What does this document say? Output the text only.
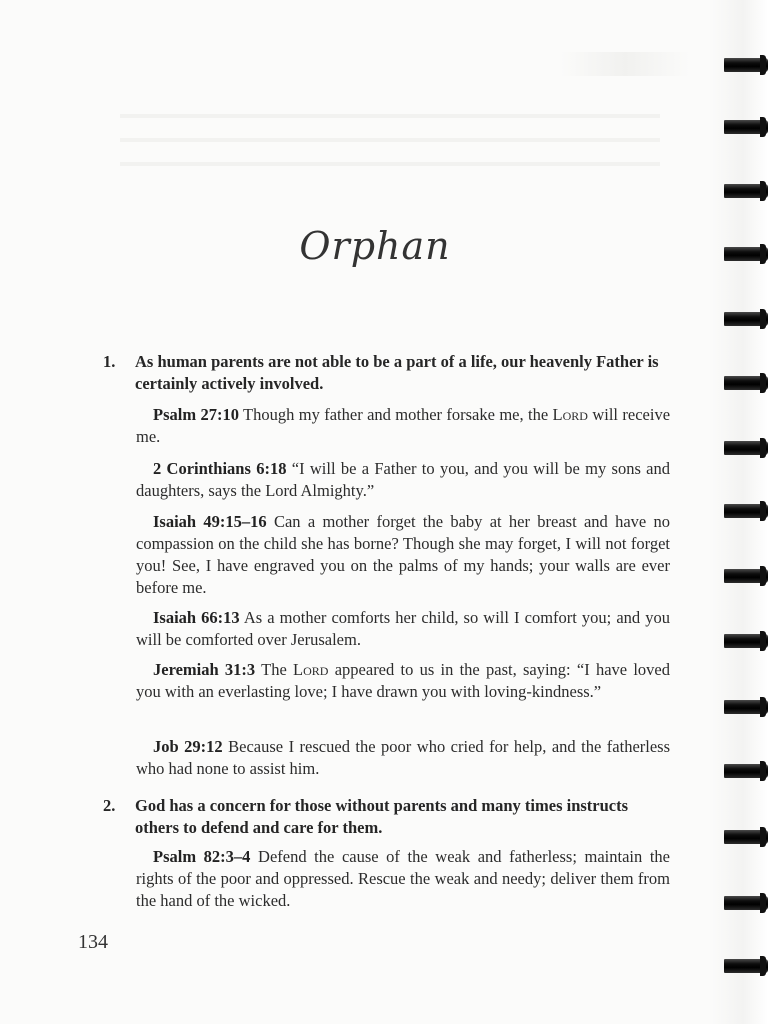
Orphan
1. As human parents are not able to be a part of a life, our heavenly Father is certainly actively involved.
Psalm 27:10 Though my father and mother forsake me, the Lord will receive me.
2 Corinthians 6:18 “I will be a Father to you, and you will be my sons and daughters, says the Lord Almighty.”
Isaiah 49:15–16 Can a mother forget the baby at her breast and have no compassion on the child she has borne? Though she may forget, I will not forget you! See, I have engraved you on the palms of my hands; your walls are ever before me.
Isaiah 66:13 As a mother comforts her child, so will I comfort you; and you will be comforted over Jerusalem.
Jeremiah 31:3 The Lord appeared to us in the past, saying: “I have loved you with an everlasting love; I have drawn you with loving-kindness.”
Job 29:12 Because I rescued the poor who cried for help, and the fatherless who had none to assist him.
2. God has a concern for those without parents and many times instructs others to defend and care for them.
Psalm 82:3–4 Defend the cause of the weak and fatherless; maintain the rights of the poor and oppressed. Rescue the weak and needy; deliver them from the hand of the wicked.
134
